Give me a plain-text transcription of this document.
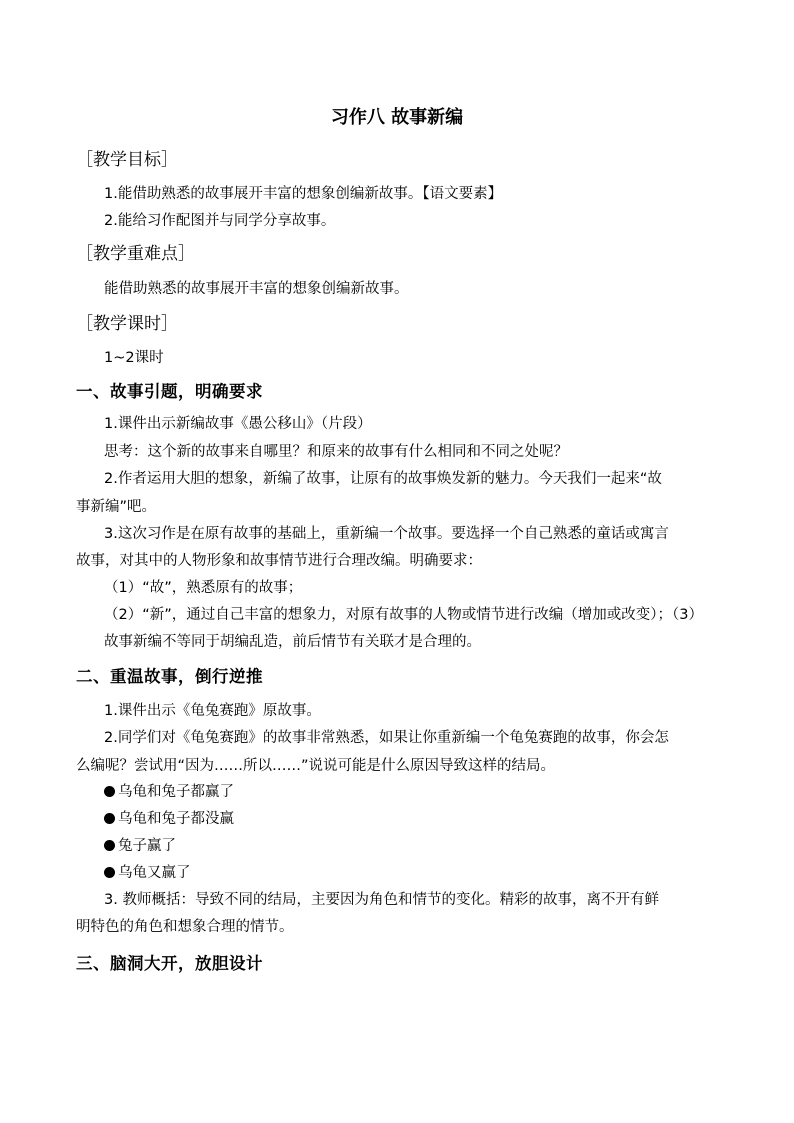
习作八 故事新编
［教学目标］
1.能借助熟悉的故事展开丰富的想象创编新故事。【语文要素】
2.能给习作配图并与同学分享故事。
［教学重难点］
能借助熟悉的故事展开丰富的想象创编新故事。
［教学课时］
1~2课时
一、故事引题，明确要求
1.课件出示新编故事《愚公移山》（片段）
思考：这个新的故事来自哪里？和原来的故事有什么相同和不同之处呢？
2.作者运用大胆的想象，新编了故事，让原有的故事焕发新的魅力。今天我们一起来“故
事新编”吧。
3.这次习作是在原有故事的基础上，重新编一个故事。要选择一个自己熟悉的童话或寓言
故事，对其中的人物形象和故事情节进行合理改编。明确要求：
（1）“故”，熟悉原有的故事；
（2）“新”，通过自己丰富的想象力，对原有故事的人物或情节进行改编（增加或改变）；（3）
故事新编不等同于胡编乱造，前后情节有关联才是合理的。
二、重温故事，倒行逆推
1.课件出示《龟兔赛跑》原故事。
2.同学们对《龟兔赛跑》的故事非常熟悉，如果让你重新编一个龟兔赛跑的故事，你会怎
么编呢？尝试用“因为……所以……”说说可能是什么原因导致这样的结局。
乌龟和兔子都赢了
乌龟和兔子都没赢
兔子赢了
乌龟又赢了
3. 教师概括：导致不同的结局，主要因为角色和情节的变化。精彩的故事，离不开有鲜
明特色的角色和想象合理的情节。
三、脑洞大开，放胆设计
